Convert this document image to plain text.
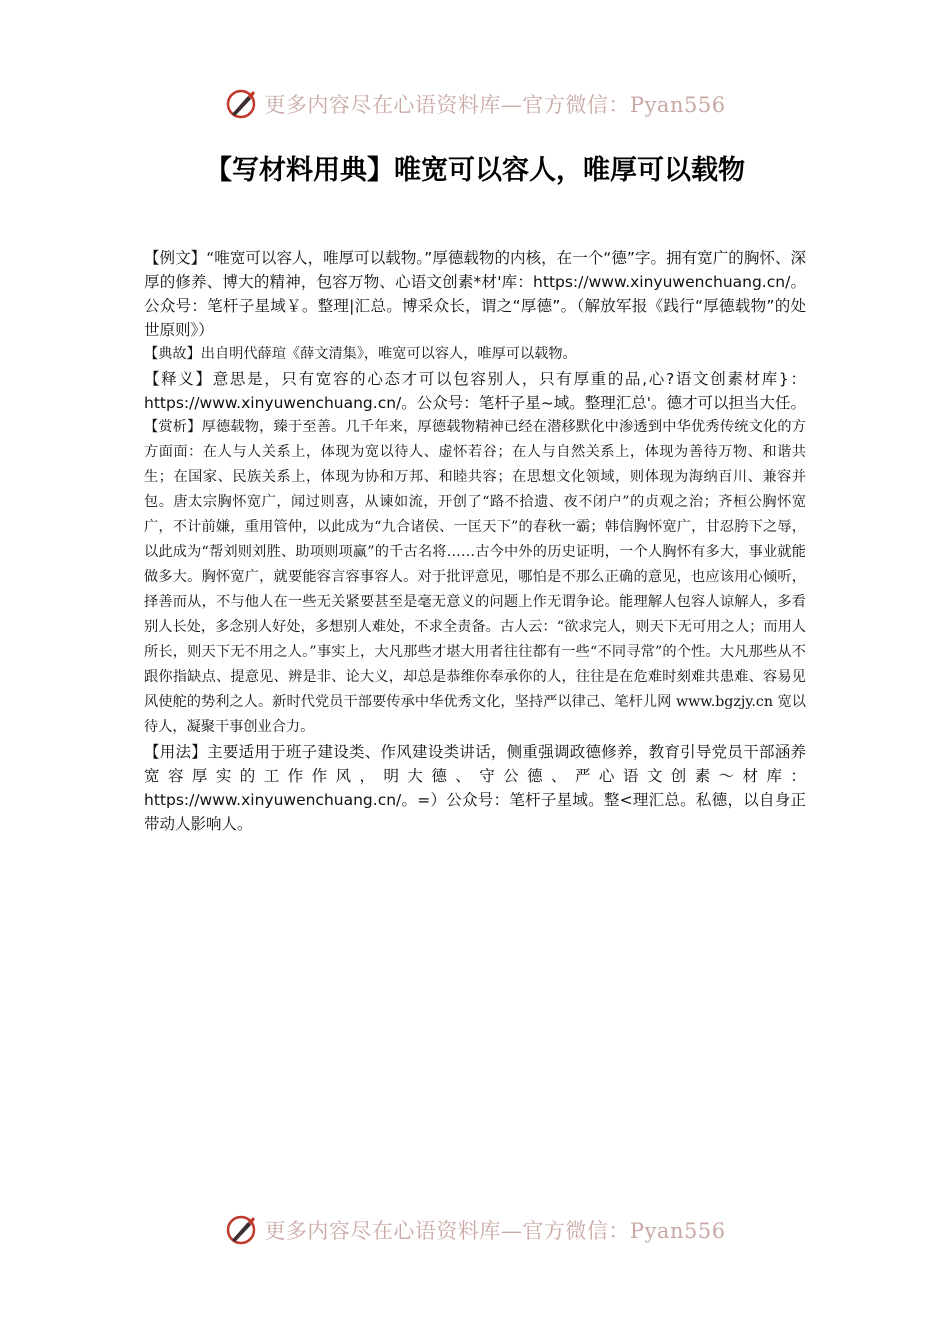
更多内容尽在心语资料库—官方微信：Pyan556
【写材料用典】唯宽可以容人，唯厚可以载物

【例文】“唯宽可以容人，唯厚可以载物。”厚德载物的内核，在一个“德”字。拥有宽广的胸怀、深厚的修养、博大的精神，包容万物、心语文创素*材'库：https://www.xinyuwenchuang.cn/。公众号：笔杆子星域￥。整理|汇总。博采众长，谓之“厚德”。（解放军报《践行“厚德载物”的处世原则》）

【典故】出自明代薛瑄《薛文清集》，唯宽可以容人，唯厚可以载物。

【释义】意思是，只有宽容的心态才可以包容别人，只有厚重的品,心?语文创素材库}：https://www.xinyuwenchuang.cn/。公众号：笔杆子星~域。整理汇总'。德才可以担当大任。

【赏析】厚德载物，臻于至善。几千年来，厚德载物精神已经在潜移默化中渗透到中华优秀传统文化的方方面面：在人与人关系上，体现为宽以待人、虚怀若谷；在人与自然关系上，体现为善待万物、和谐共生；在国家、民族关系上，体现为协和万邦、和睦共容；在思想文化领域，则体现为海纳百川、兼容并包。唐太宗胸怀宽广，闻过则喜，从谏如流，开创了“路不拾遗、夜不闭户”的贞观之治；齐桓公胸怀宽广，不计前嫌，重用管仲，以此成为“九合诸侯、一匡天下”的春秋一霸；韩信胸怀宽广，甘忍胯下之辱，以此成为“帮刘则刘胜、助项则项赢”的千古名将……古今中外的历史证明，一个人胸怀有多大，事业就能做多大。胸怀宽广，就要能容言容事容人。对于批评意见，哪怕是不那么正确的意见，也应该用心倾听，择善而从，不与他人在一些无关紧要甚至是毫无意义的问题上作无谓争论。能理解人包容人谅解人，多看别人长处，多念别人好处，多想别人难处，不求全责备。古人云：“欲求完人，则天下无可用之人；而用人所长，则天下无不用之人。”事实上，大凡那些才堪大用者往往都有一些“不同寻常”的个性。大凡那些从不跟你指缺点、提意见、辨是非、论大义，却总是恭维你奉承你的人，往往是在危难时刻难共患难、容易见风使舵的势利之人。新时代党员干部要传承中华优秀文化，坚持严以律己、笔杆儿网 www.bgzjy.cn 宽以待人，凝聚干事创业合力。

【用法】主要适用于班子建设类、作风建设类讲话，侧重强调政德修养，教育引导党员干部涵养宽容厚实的工作作风，明大德、守公德、严心语文创素～材库：https://www.xinyuwenchuang.cn/。=）公众号：笔杆子星域。整<理汇总。私德，以自身正带动人影响人。

更多内容尽在心语资料库—官方微信：Pyan556
